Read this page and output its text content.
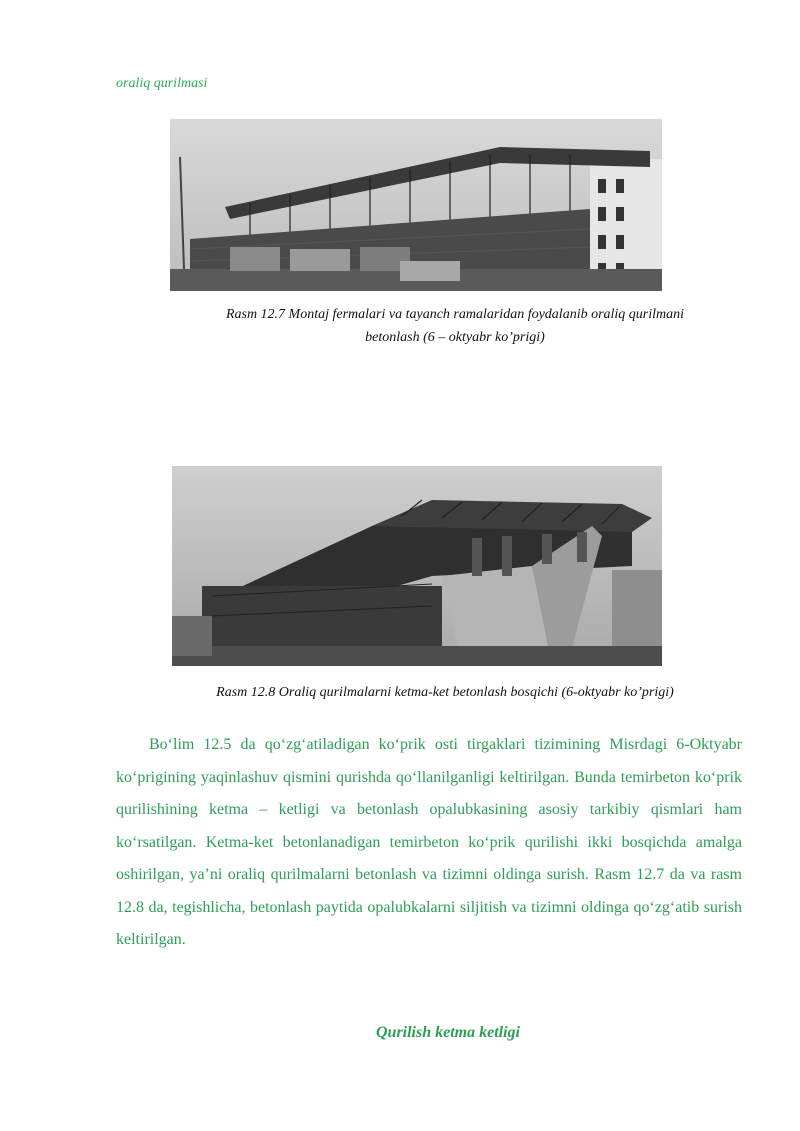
oraliq qurilmasi
Rasm 12.7 Montaj fermalari va tayanch ramalaridan foydalanib oraliq qurilmani
betonlash (6 – oktyabr ko’prigi)
Rasm 12.8 Oraliq qurilmalarni ketma-ket betonlash bosqichi (6-oktyabr ko’prigi)

Bo‘lim 12.5 da qo‘zg‘atiladigan ko‘prik osti tirgaklari tizimining Misrdagi 6-Oktyabr ko‘prigining yaqinlashuv qismini qurishda qo‘llanilganligi keltirilgan. Bunda temirbeton ko‘prik qurilishining ketma – ketligi va betonlash opalubkasining asosiy tarkibiy qismlari ham ko‘rsatilgan. Ketma-ket betonlanadigan temirbeton ko‘prik qurilishi ikki bosqichda amalga oshirilgan, ya’ni oraliq qurilmalarni betonlash va tizimni oldinga surish. Rasm 12.7 da va rasm 12.8 da, tegishlicha, betonlash paytida opalubkalarni siljitish va tizimni oldinga qo‘zg‘atib surish keltirilgan.

Qurilish ketma ketligi
